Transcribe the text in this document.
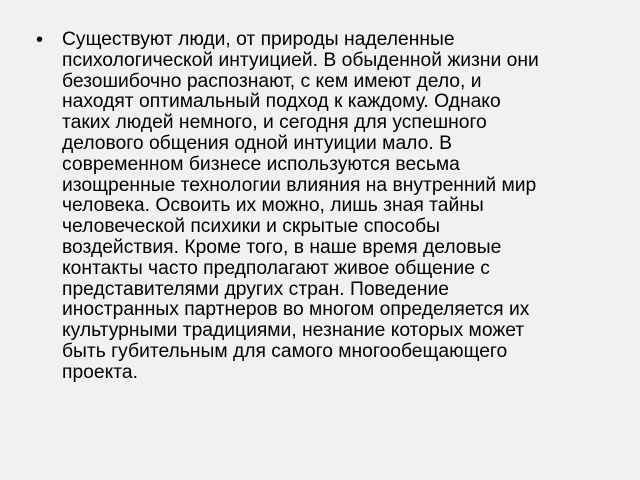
• Существуют люди, от природы наделенные
психологической интуицией. В обыденной жизни они
безошибочно распознают, с кем имеют дело, и
находят оптимальный подход к каждому. Однако
таких людей немного, и сегодня для успешного
делового общения одной интуиции мало. В
современном бизнесе используются весьма
изощренные технологии влияния на внутренний мир
человека. Освоить их можно, лишь зная тайны
человеческой психики и скрытые способы
воздействия. Кроме того, в наше время деловые
контакты часто предполагают живое общение с
представителями других стран. Поведение
иностранных партнеров во многом определяется их
культурными традициями, незнание которых может
быть губительным для самого многообещающего
проекта.
